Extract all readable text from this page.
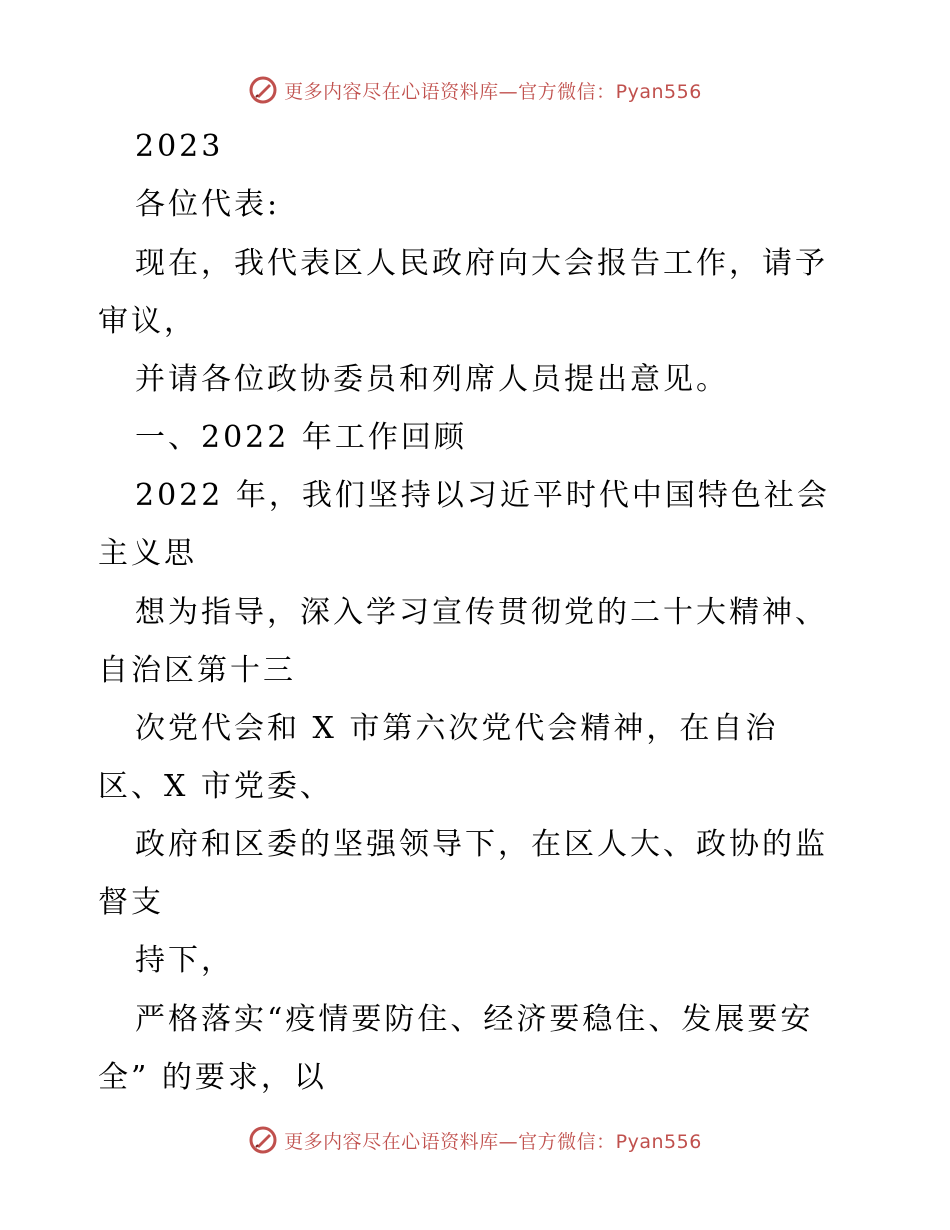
更多内容尽在心语资料库—官方微信：Pyan556
2023
各位代表:
现在，我代表区人民政府向大会报告工作，请予
审议，
并请各位政协委员和列席人员提出意见。
一、2022 年工作回顾
2022 年，我们坚持以习近平时代中国特色社会
主义思
想为指导，深入学习宣传贯彻党的二十大精神、
自治区第十三
次党代会和 X 市第六次党代会精神，在自治
区、X 市党委、
政府和区委的坚强领导下，在区人大、政协的监
督支
持下，
严格落实“疫情要防住、经济要稳住、发展要安
全” 的要求，以
更多内容尽在心语资料库—官方微信：Pyan556
